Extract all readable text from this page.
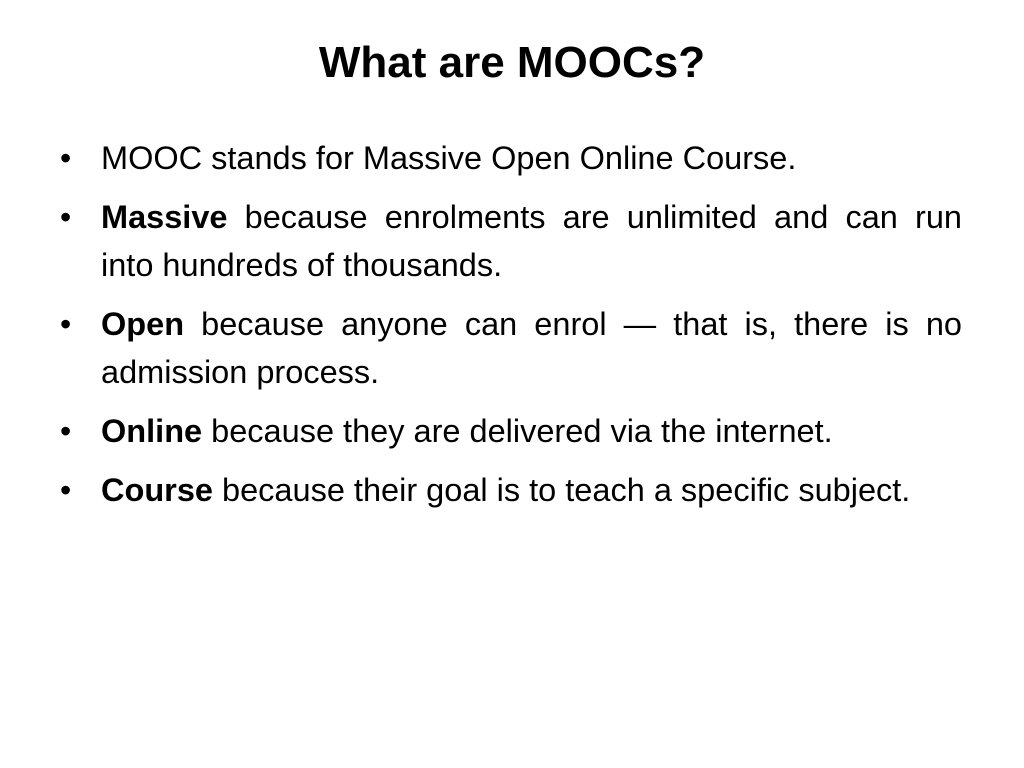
What are MOOCs?
• MOOC stands for Massive Open Online Course.
• Massive because enrolments are unlimited and can run into hundreds of thousands.
• Open because anyone can enrol — that is, there is no admission process.
• Online because they are delivered via the internet.
• Course because their goal is to teach a specific subject.
